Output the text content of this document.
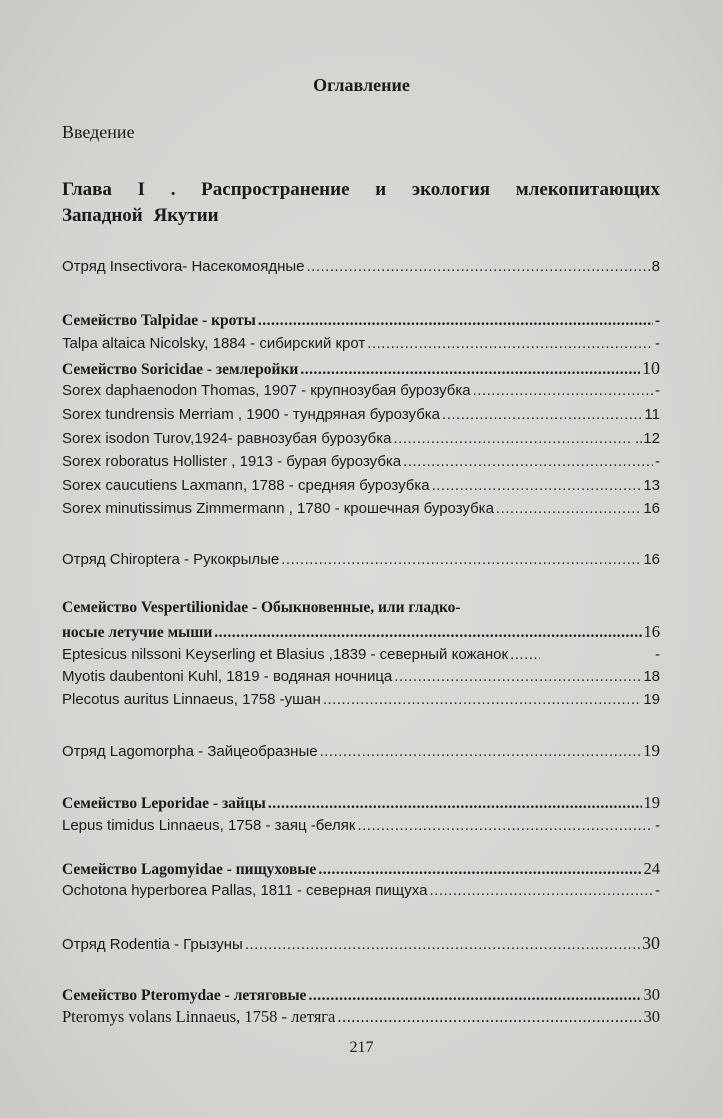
Оглавление
Введение
Глава I . Распространение и экология млекопитающих Западной Якутии
Отряд Insectivora- Насекомоядные .....	8
Семейство Talpidae - кроты .....	-
Talpa altaica Nicolsky, 1884 - сибирский крот .....	-
Семейство Soricidae - землеройки .....	10
Sorex daphaenodon Thomas, 1907 - крупнозубая бурозубка .....	-
Sorex tundrensis Merriam , 1900 - тундряная бурозубка .....	11
Sorex isodon Turov,1924- равнозубая бурозубка .....	..12
Sorex roboratus Hollister , 1913 - бурая бурозубка .....	-
Sorex caucutiens Laxmann, 1788 - средняя бурозубка .....	13
Sorex minutissimus Zimmermann , 1780 - крошечная бурозубка .....	16
Отряд Chiroptera - Рукокрылые .....	16
Семейство Vespertilionidae - Обыкновенные, или гладко-
носые летучие мыши .....	16
Eptesicus nilssoni Keyserling et Blasius ,1839 - северный кожанок .....	-
Myotis daubentoni Kuhl, 1819 - водяная ночница .....	18
Plecotus auritus Linnaeus, 1758 -ушан .....	19
Отряд Lagomorpha - Зайцеобразные .....	19
Семейство Leporidae - зайцы .....	19
Lepus timidus Linnaeus, 1758 - заяц -беляк .....	-
Семейство Lagomyidae - пищуховые .....	24
Ochotona hyperborea Pallas, 1811 - северная пищуха .....	-
Отряд Rodentia - Грызуны .....	30
Семейство Pteromydae - летяговые .....	30
Pteromys volans Linnaeus, 1758 - летяга .....	30
217
